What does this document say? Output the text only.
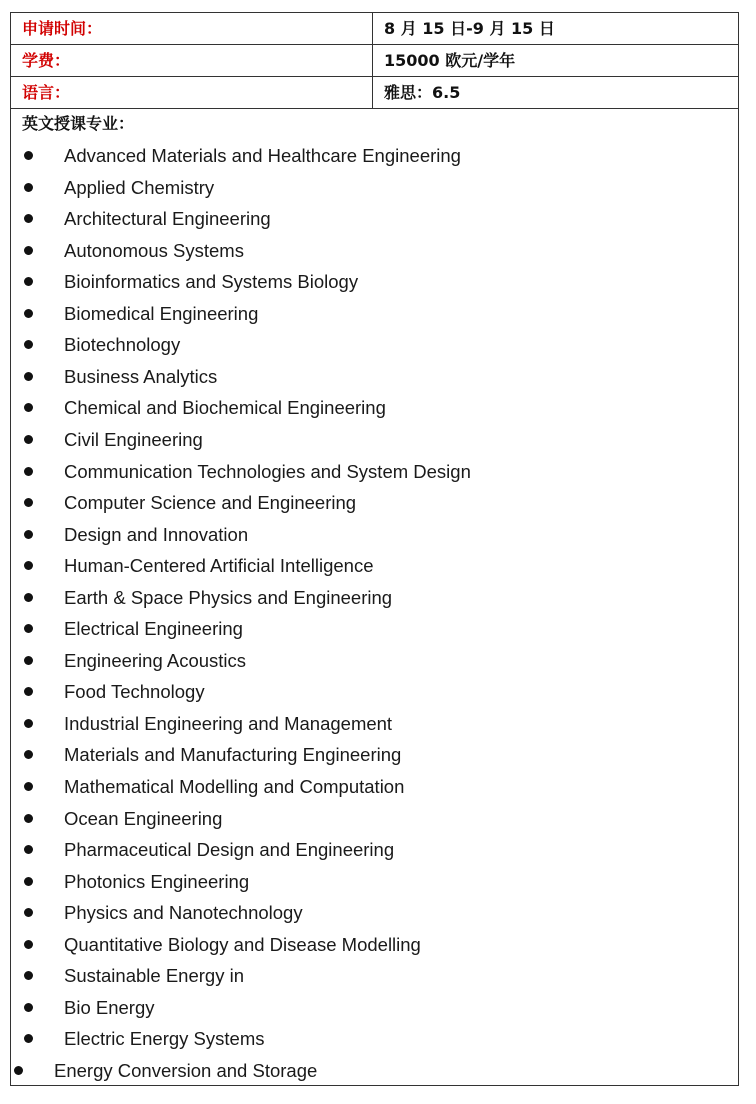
申请时间：	8 月 15 日-9 月 15 日
学费：	15000 欧元/学年
语言：	雅思：6.5
英文授课专业：
Advanced Materials and Healthcare Engineering
Applied Chemistry
Architectural Engineering
Autonomous Systems
Bioinformatics and Systems Biology
Biomedical Engineering
Biotechnology
Business Analytics
Chemical and Biochemical Engineering
Civil Engineering
Communication Technologies and System Design
Computer Science and Engineering
Design and Innovation
Human-Centered Artificial Intelligence
Earth & Space Physics and Engineering
Electrical Engineering
Engineering Acoustics
Food Technology
Industrial Engineering and Management
Materials and Manufacturing Engineering
Mathematical Modelling and Computation
Ocean Engineering
Pharmaceutical Design and Engineering
Photonics Engineering
Physics and Nanotechnology
Quantitative Biology and Disease Modelling
Sustainable Energy in
Bio Energy
Electric Energy Systems
Energy Conversion and Storage
